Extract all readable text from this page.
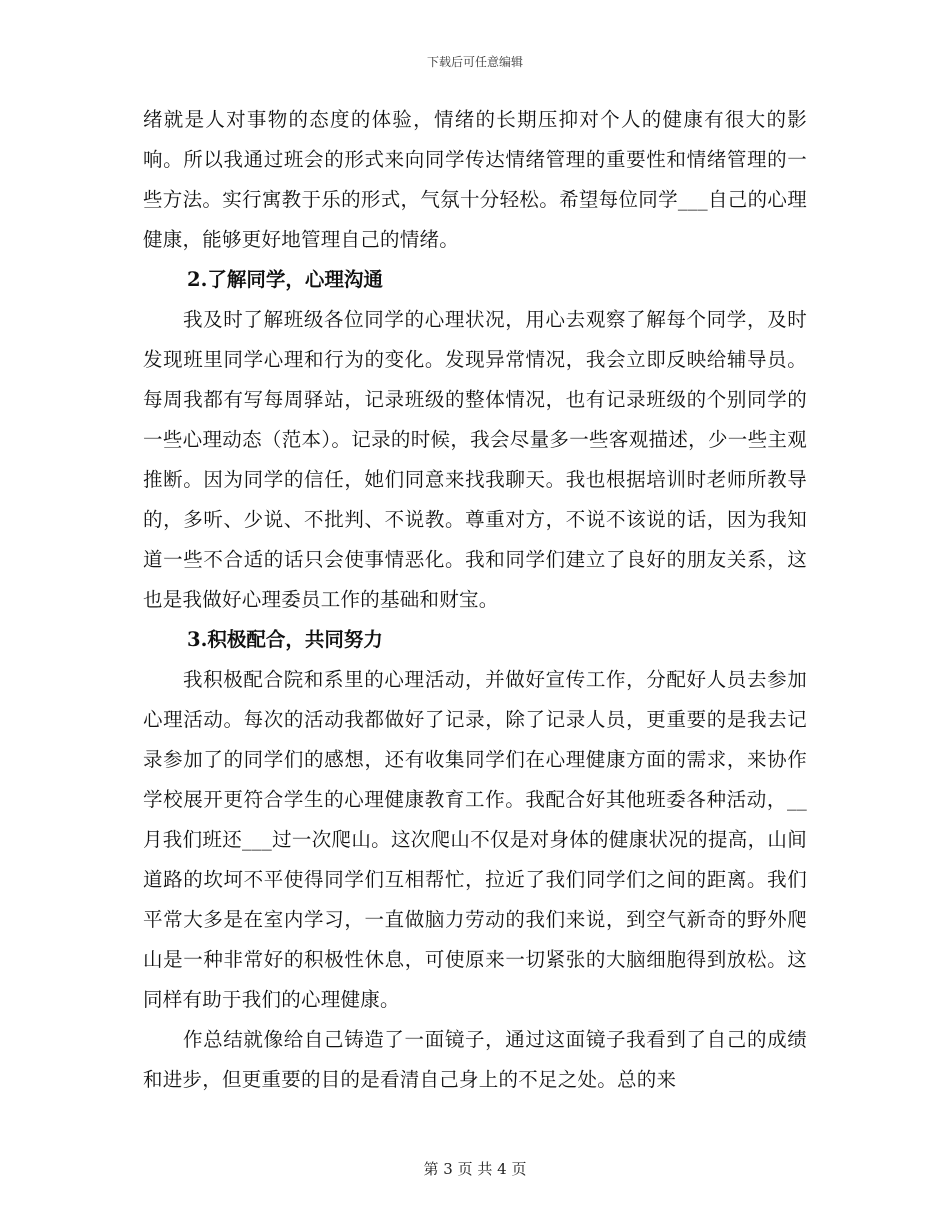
下载后可任意编辑

绪就是人对事物的态度的体验，情绪的长期压抑对个人的健康有很大的影响。所以我通过班会的形式来向同学传达情绪管理的重要性和情绪管理的一些方法。实行寓教于乐的形式，气氛十分轻松。希望每位同学___自己的心理健康，能够更好地管理自己的情绪。

2.了解同学，心理沟通

我及时了解班级各位同学的心理状况，用心去观察了解每个同学，及时发现班里同学心理和行为的变化。发现异常情况，我会立即反映给辅导员。每周我都有写每周驿站，记录班级的整体情况，也有记录班级的个别同学的一些心理动态（范本）。记录的时候，我会尽量多一些客观描述，少一些主观推断。因为同学的信任，她们同意来找我聊天。我也根据培训时老师所教导的，多听、少说、不批判、不说教。尊重对方，不说不该说的话，因为我知道一些不合适的话只会使事情恶化。我和同学们建立了良好的朋友关系，这也是我做好心理委员工作的基础和财宝。

3.积极配合，共同努力

我积极配合院和系里的心理活动，并做好宣传工作，分配好人员去参加心理活动。每次的活动我都做好了记录，除了记录人员，更重要的是我去记录参加了的同学们的感想，还有收集同学们在心理健康方面的需求，来协作学校展开更符合学生的心理健康教育工作。我配合好其他班委各种活动，__月我们班还___过一次爬山。这次爬山不仅是对身体的健康状况的提高，山间道路的坎坷不平使得同学们互相帮忙，拉近了我们同学们之间的距离。我们平常大多是在室内学习，一直做脑力劳动的我们来说，到空气新奇的野外爬山是一种非常好的积极性休息，可使原来一切紧张的大脑细胞得到放松。这同样有助于我们的心理健康。

作总结就像给自己铸造了一面镜子，通过这面镜子我看到了自己的成绩和进步，但更重要的目的是看清自己身上的不足之处。总的来

第 3 页 共 4 页
